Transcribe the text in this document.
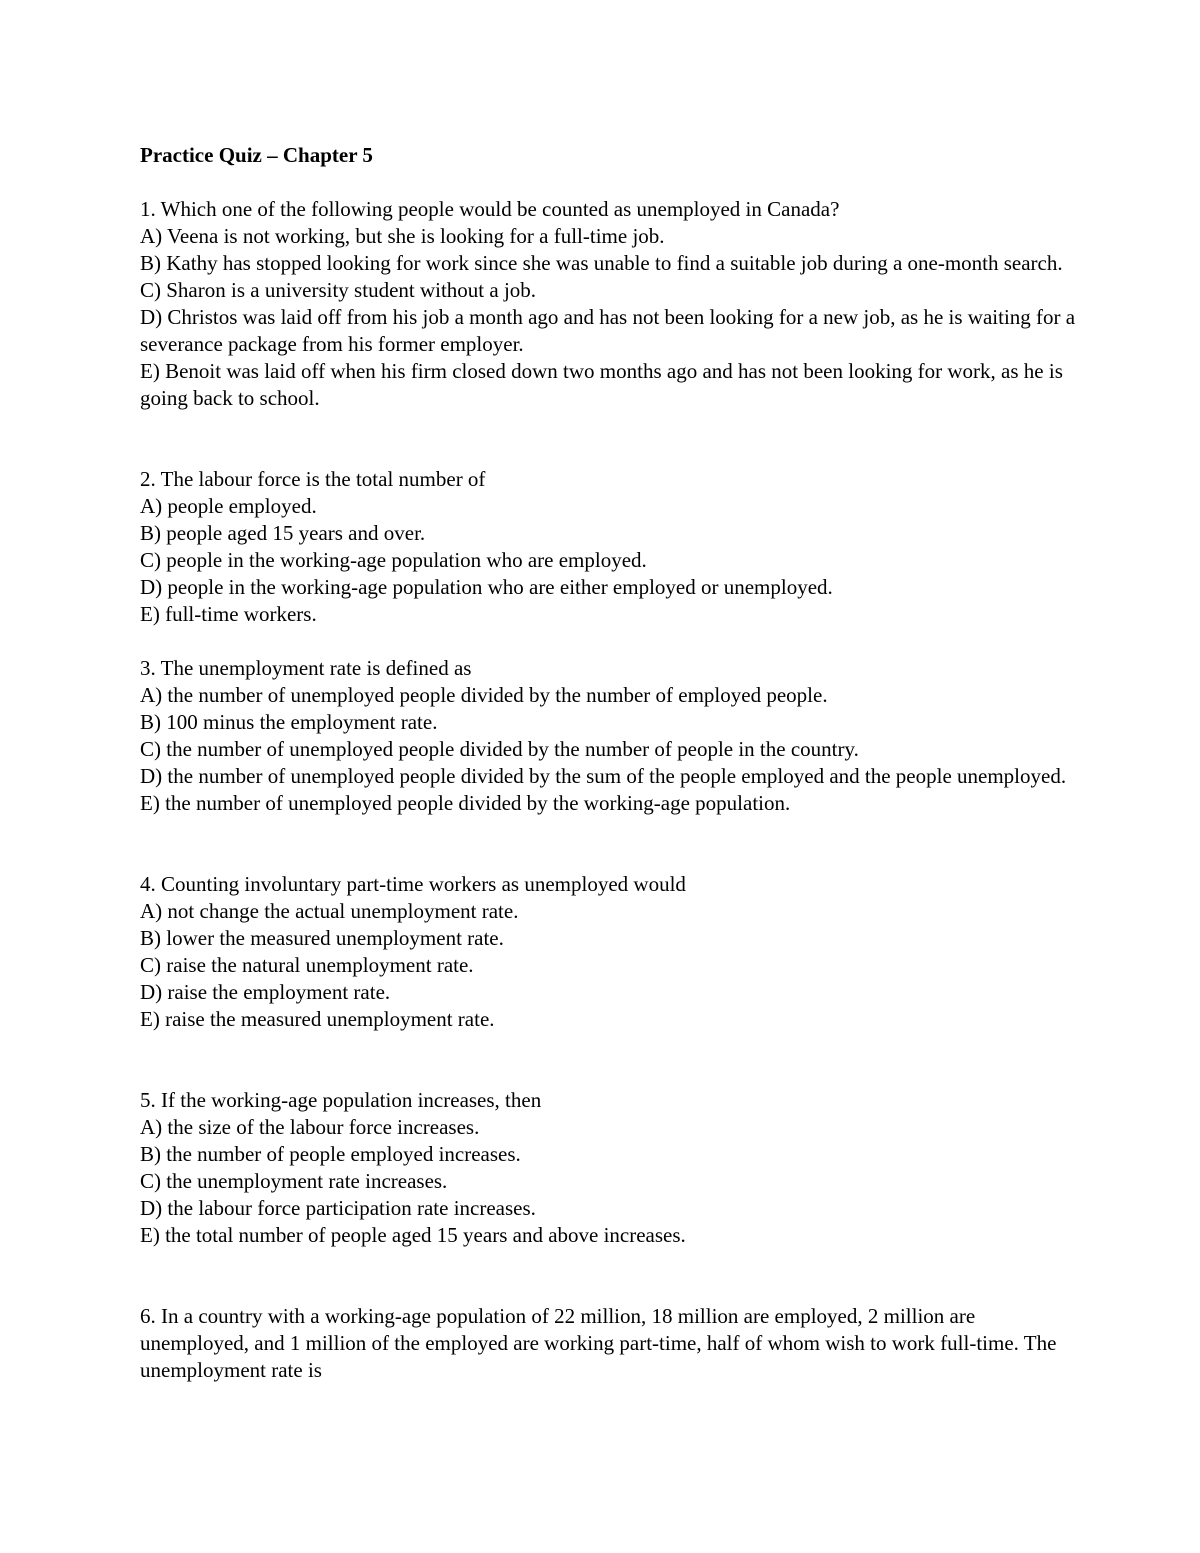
Practice Quiz – Chapter 5
1. Which one of the following people would be counted as unemployed in Canada?
A) Veena is not working, but she is looking for a full-time job.
B) Kathy has stopped looking for work since she was unable to find a suitable job during a one-month search.
C) Sharon is a university student without a job.
D) Christos was laid off from his job a month ago and has not been looking for a new job, as he is waiting for a severance package from his former employer.
E) Benoit was laid off when his firm closed down two months ago and has not been looking for work, as he is going back to school.
2. The labour force is the total number of
A) people employed.
B) people aged 15 years and over.
C) people in the working-age population who are employed.
D) people in the working-age population who are either employed or unemployed.
E) full-time workers.
3. The unemployment rate is defined as
A) the number of unemployed people divided by the number of employed people.
B) 100 minus the employment rate.
C) the number of unemployed people divided by the number of people in the country.
D) the number of unemployed people divided by the sum of the people employed and the people unemployed.
E) the number of unemployed people divided by the working-age population.
4. Counting involuntary part-time workers as unemployed would
A) not change the actual unemployment rate.
B) lower the measured unemployment rate.
C) raise the natural unemployment rate.
D) raise the employment rate.
E) raise the measured unemployment rate.
5. If the working-age population increases, then
A) the size of the labour force increases.
B) the number of people employed increases.
C) the unemployment rate increases.
D) the labour force participation rate increases.
E) the total number of people aged 15 years and above increases.
6. In a country with a working-age population of 22 million, 18 million are employed, 2 million are unemployed, and 1 million of the employed are working part-time, half of whom wish to work full-time. The unemployment rate is
